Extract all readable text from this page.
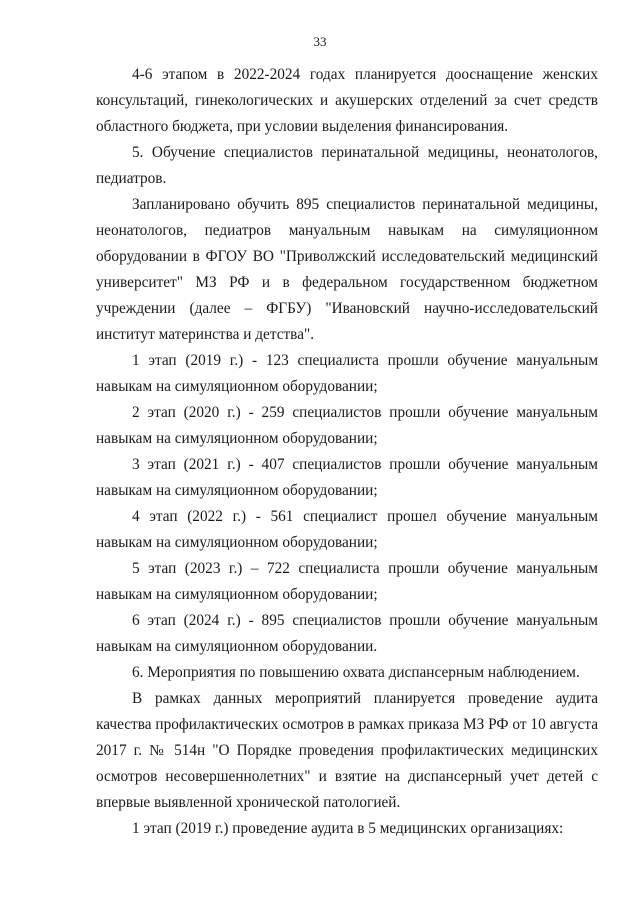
33

4-6 этапом в 2022-2024 годах планируется дооснащение женских консультаций, гинекологических и акушерских отделений за счет средств областного бюджета, при условии выделения финансирования.

5. Обучение специалистов перинатальной медицины, неонатологов, педиатров.

Запланировано обучить 895 специалистов перинатальной медицины, неонатологов, педиатров мануальным навыкам на симуляционном оборудовании в ФГОУ ВО "Приволжский исследовательский медицинский университет" МЗ РФ и в федеральном государственном бюджетном учреждении (далее – ФГБУ) "Ивановский научно-исследовательский институт материнства и детства".

1 этап (2019 г.) - 123 специалиста прошли обучение мануальным навыкам на симуляционном оборудовании;

2 этап (2020 г.) - 259 специалистов прошли обучение мануальным навыкам на симуляционном оборудовании;

3 этап (2021 г.) - 407 специалистов прошли обучение мануальным навыкам на симуляционном оборудовании;

4 этап (2022 г.) - 561 специалист прошел обучение мануальным навыкам на симуляционном оборудовании;

5 этап (2023 г.) – 722 специалиста прошли обучение мануальным навыкам на симуляционном оборудовании;

6 этап (2024 г.) - 895 специалистов прошли обучение мануальным навыкам на симуляционном оборудовании.

6. Мероприятия по повышению охвата диспансерным наблюдением.

В рамках данных мероприятий планируется проведение аудита качества профилактических осмотров в рамках приказа МЗ РФ от 10 августа 2017 г. № 514н "О Порядке проведения профилактических медицинских осмотров несовершеннолетних" и взятие на диспансерный учет детей с впервые выявленной хронической патологией.

1 этап (2019 г.) проведение аудита в 5 медицинских организациях:
